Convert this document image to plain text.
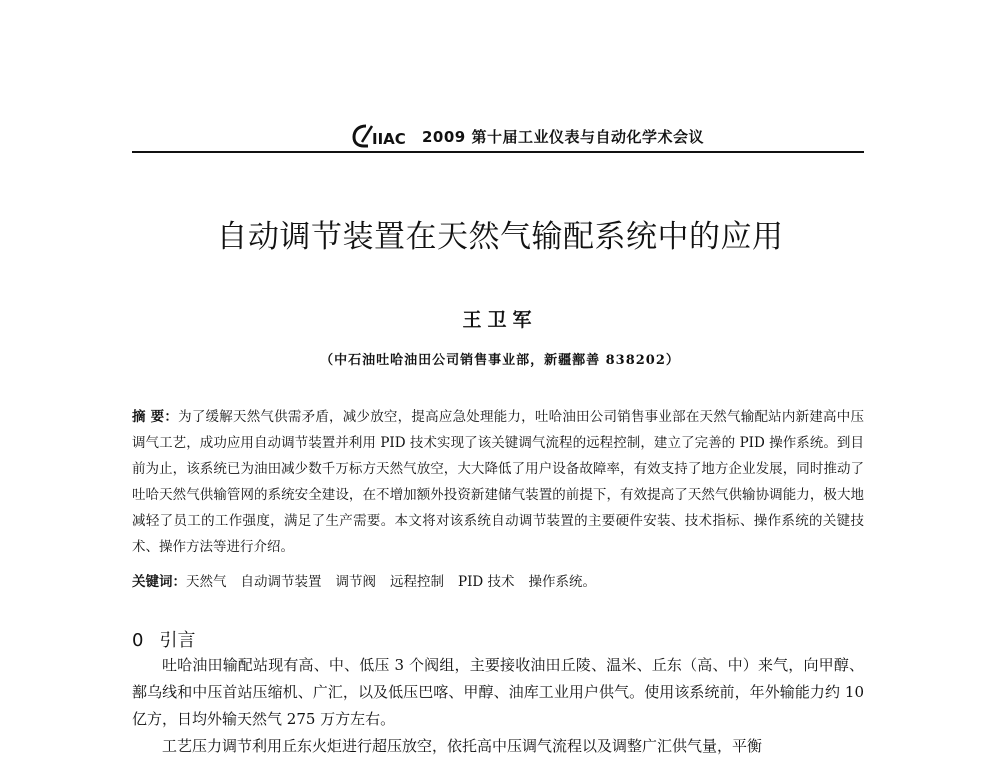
IIAC 2009 第十届工业仪表与自动化学术会议
自动调节装置在天然气输配系统中的应用
王卫军
（中石油吐哈油田公司销售事业部，新疆鄯善 838202）
摘 要：为了缓解天然气供需矛盾，减少放空，提高应急处理能力，吐哈油田公司销售事业部在天然气输配站内新建高中压调气工艺，成功应用自动调节装置并利用 PID 技术实现了该关键调气流程的远程控制，建立了完善的 PID 操作系统。到目前为止，该系统已为油田减少数千万标方天然气放空，大大降低了用户设备故障率，有效支持了地方企业发展，同时推动了吐哈天然气供输管网的系统安全建设，在不增加额外投资新建储气装置的前提下，有效提高了天然气供输协调能力，极大地减轻了员工的工作强度，满足了生产需要。本文将对该系统自动调节装置的主要硬件安装、技术指标、操作系统的关键技术、操作方法等进行介绍。
关键词：天然气 自动调节装置 调节阀 远程控制 PID 技术 操作系统。
0 引言

吐哈油田输配站现有高、中、低压 3 个阀组，主要接收油田丘陵、温米、丘东（高、中）来气，向甲醇、鄯乌线和中压首站压缩机、广汇，以及低压巴喀、甲醇、油库工业用户供气。使用该系统前，年外输能力约 10 亿方，日均外输天然气 275 万方左右。

工艺压力调节利用丘东火炬进行超压放空，依托高中压调气流程以及调整广汇供气量，平衡
